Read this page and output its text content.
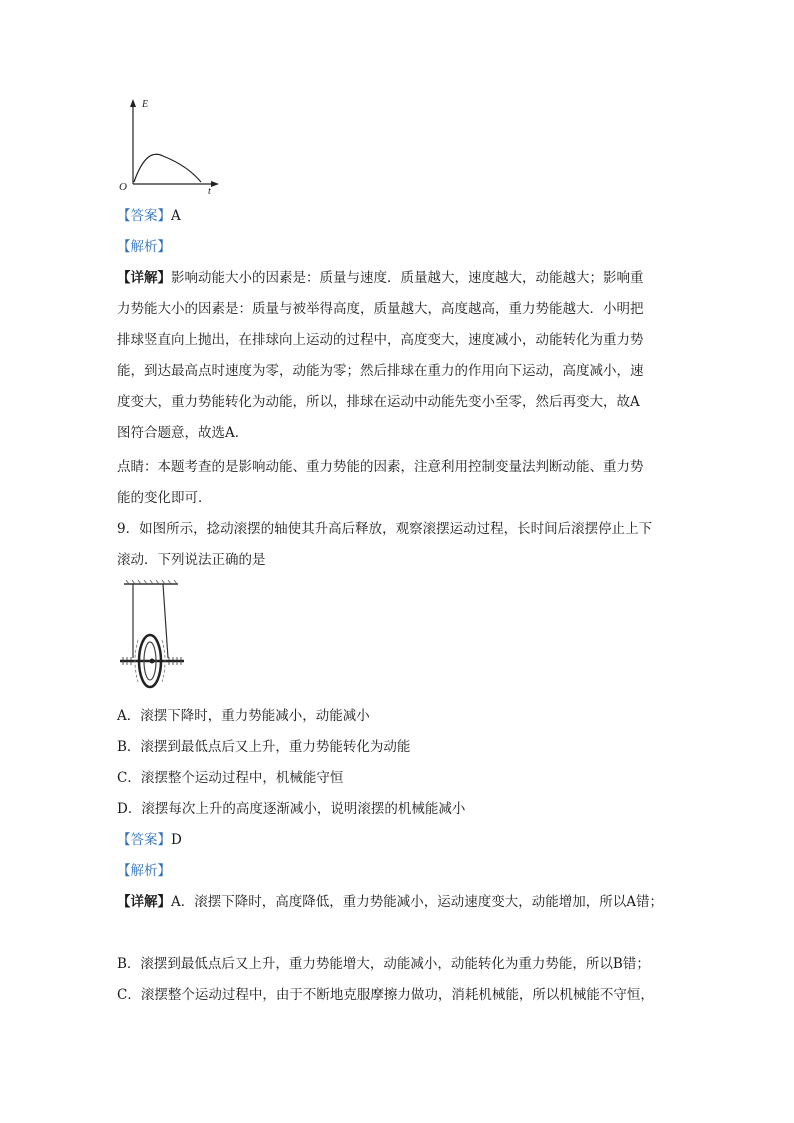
E
t
O
【答案】A
【解析】
【详解】影响动能大小的因素是：质量与速度．质量越大，速度越大，动能越大；影响重
力势能大小的因素是：质量与被举得高度，质量越大，高度越高，重力势能越大．小明把
排球竖直向上抛出，在排球向上运动的过程中，高度变大，速度减小，动能转化为重力势
能，到达最高点时速度为零，动能为零；然后排球在重力的作用向下运动，高度减小，速
度变大，重力势能转化为动能，所以，排球在运动中动能先变小至零，然后再变大，故A
图符合题意，故选A．
点睛：本题考查的是影响动能、重力势能的因素，注意利用控制变量法判断动能、重力势
能的变化即可．
9．如图所示，捻动滚摆的轴使其升高后释放，观察滚摆运动过程，长时间后滚摆停止上下
滚动．下列说法正确的是
A．滚摆下降时，重力势能减小，动能减小
B．滚摆到最低点后又上升，重力势能转化为动能
C．滚摆整个运动过程中，机械能守恒
D．滚摆每次上升的高度逐渐减小，说明滚摆的机械能减小
【答案】D
【解析】
【详解】A．滚摆下降时，高度降低，重力势能减小，运动速度变大，动能增加，所以A错；
B．滚摆到最低点后又上升，重力势能增大，动能减小，动能转化为重力势能，所以B错；
C．滚摆整个运动过程中，由于不断地克服摩擦力做功，消耗机械能，所以机械能不守恒，
